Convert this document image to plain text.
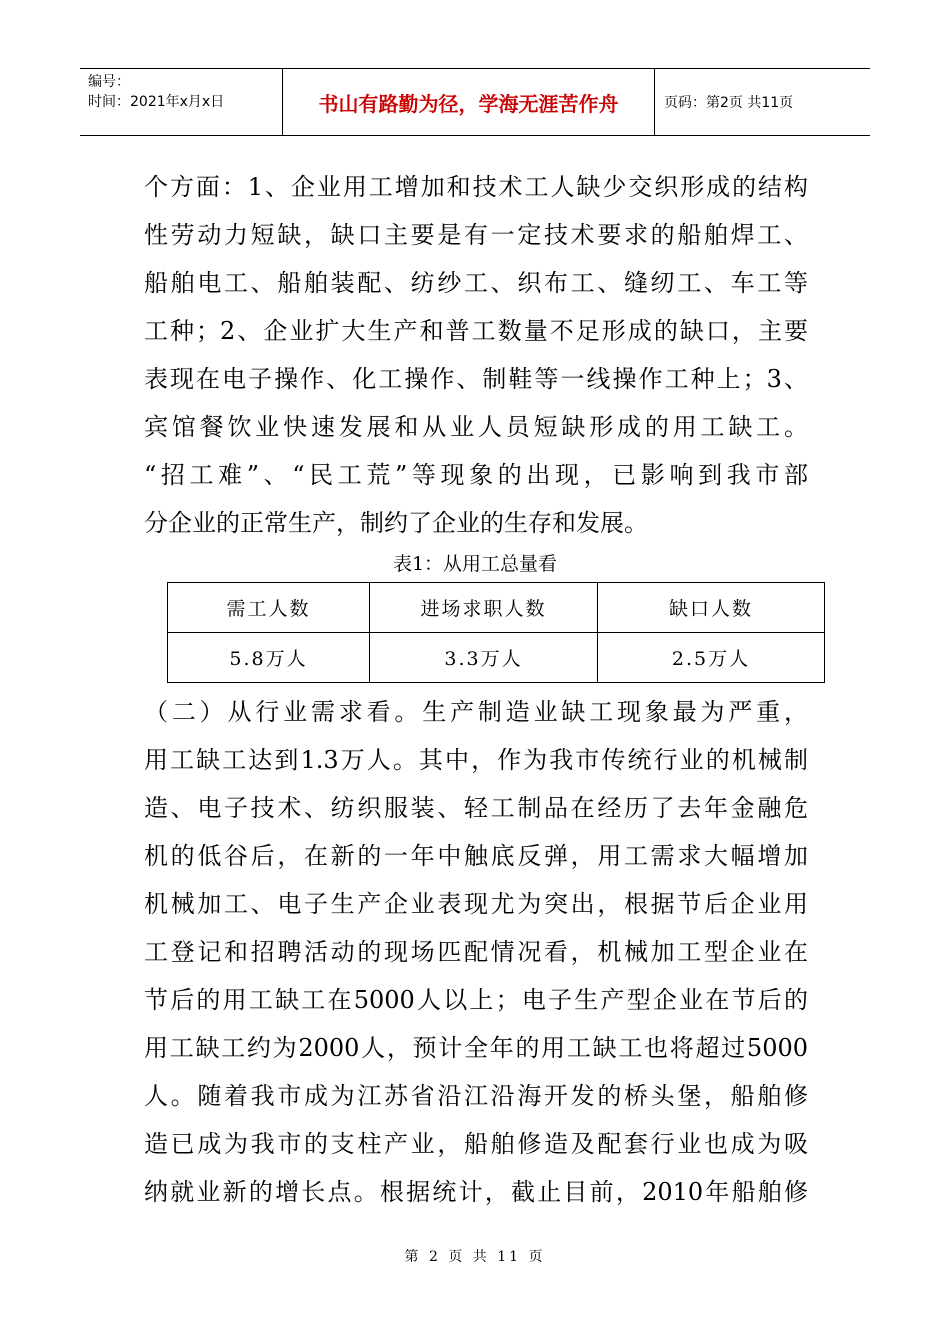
编号：
时间：2021年x月x日	书山有路勤为径，学海无涯苦作舟	页码：第2页 共11页
个方面：1、企业用工增加和技术工人缺少交织形成的结构
性劳动力短缺，缺口主要是有一定技术要求的船舶焊工、
船舶电工、船舶装配、纺纱工、织布工、缝纫工、车工等
工种；2、企业扩大生产和普工数量不足形成的缺口，主要
表现在电子操作、化工操作、制鞋等一线操作工种上；3、
宾馆餐饮业快速发展和从业人员短缺形成的用工缺工。
“招工难”、“民工荒”等现象的出现，已影响到我市部
分企业的正常生产，制约了企业的生存和发展。
表1：从用工总量看
需工人数	进场求职人数	缺口人数
5.8万人	3.3万人	2.5万人
（二）从行业需求看。生产制造业缺工现象最为严重，
用工缺工达到1.3万人。其中，作为我市传统行业的机械制
造、电子技术、纺织服装、轻工制品在经历了去年金融危
机的低谷后，在新的一年中触底反弹，用工需求大幅增加
机械加工、电子生产企业表现尤为突出，根据节后企业用
工登记和招聘活动的现场匹配情况看，机械加工型企业在
节后的用工缺工在5000人以上；电子生产型企业在节后的
用工缺工约为2000人，预计全年的用工缺工也将超过5000
人。随着我市成为江苏省沿江沿海开发的桥头堡，船舶修
造已成为我市的支柱产业，船舶修造及配套行业也成为吸
纳就业新的增长点。根据统计，截止目前，2010年船舶修
第 2 页 共 11 页
